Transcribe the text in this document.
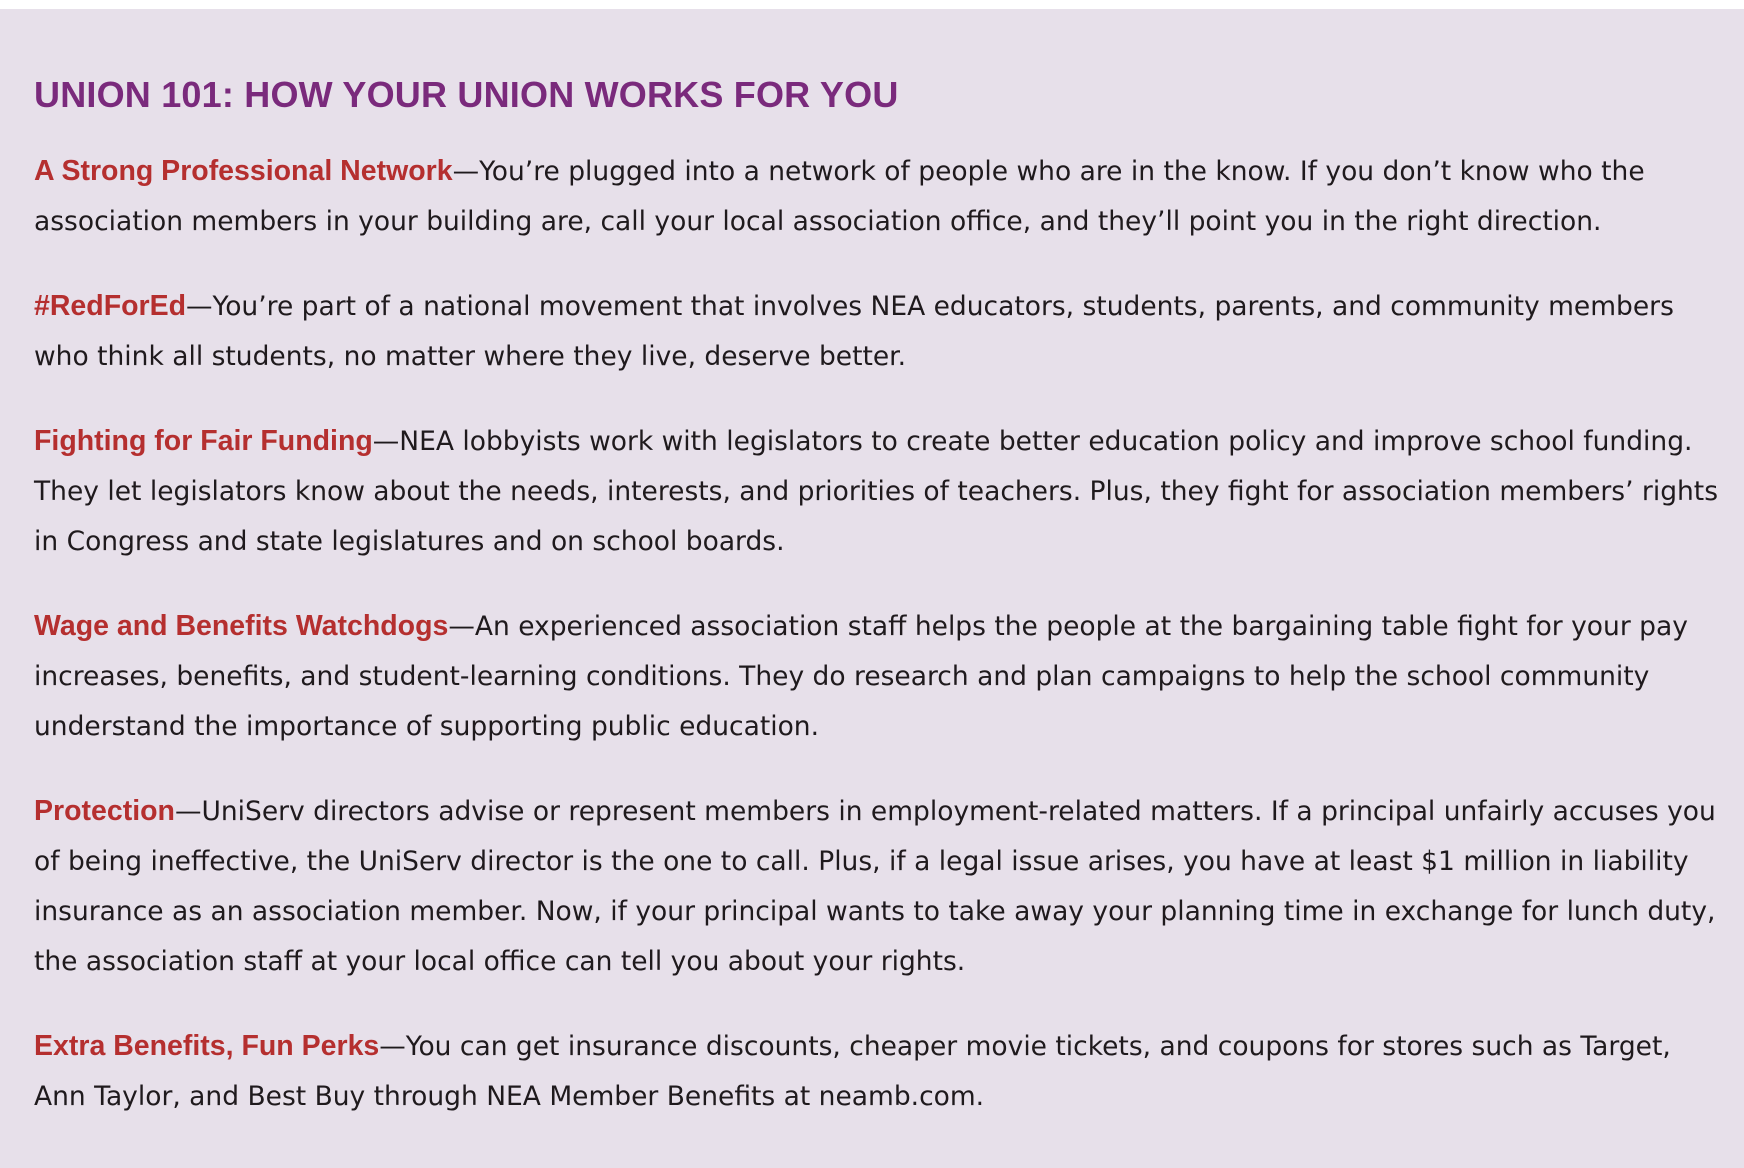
UNION 101: HOW YOUR UNION WORKS FOR YOU

A Strong Professional Network—You’re plugged into a network of people who are in the know. If you don’t know who the association members in your building are, call your local association office, and they’ll point you in the right direction.

#RedForEd—You’re part of a national movement that involves NEA educators, students, parents, and community members who think all students, no matter where they live, deserve better.

Fighting for Fair Funding—NEA lobbyists work with legislators to create better education policy and improve school funding. They let legislators know about the needs, interests, and priorities of teachers. Plus, they fight for association members’ rights in Congress and state legislatures and on school boards.

Wage and Benefits Watchdogs—An experienced association staff helps the people at the bargaining table fight for your pay increases, benefits, and student-learning conditions. They do research and plan campaigns to help the school community understand the importance of supporting public education.

Protection—UniServ directors advise or represent members in employment-related matters. If a principal unfairly accuses you of being ineffective, the UniServ director is the one to call. Plus, if a legal issue arises, you have at least $1 million in liability insurance as an association member. Now, if your principal wants to take away your planning time in exchange for lunch duty, the association staff at your local office can tell you about your rights.

Extra Benefits, Fun Perks—You can get insurance discounts, cheaper movie tickets, and coupons for stores such as Target, Ann Taylor, and Best Buy through NEA Member Benefits at neamb.com.
